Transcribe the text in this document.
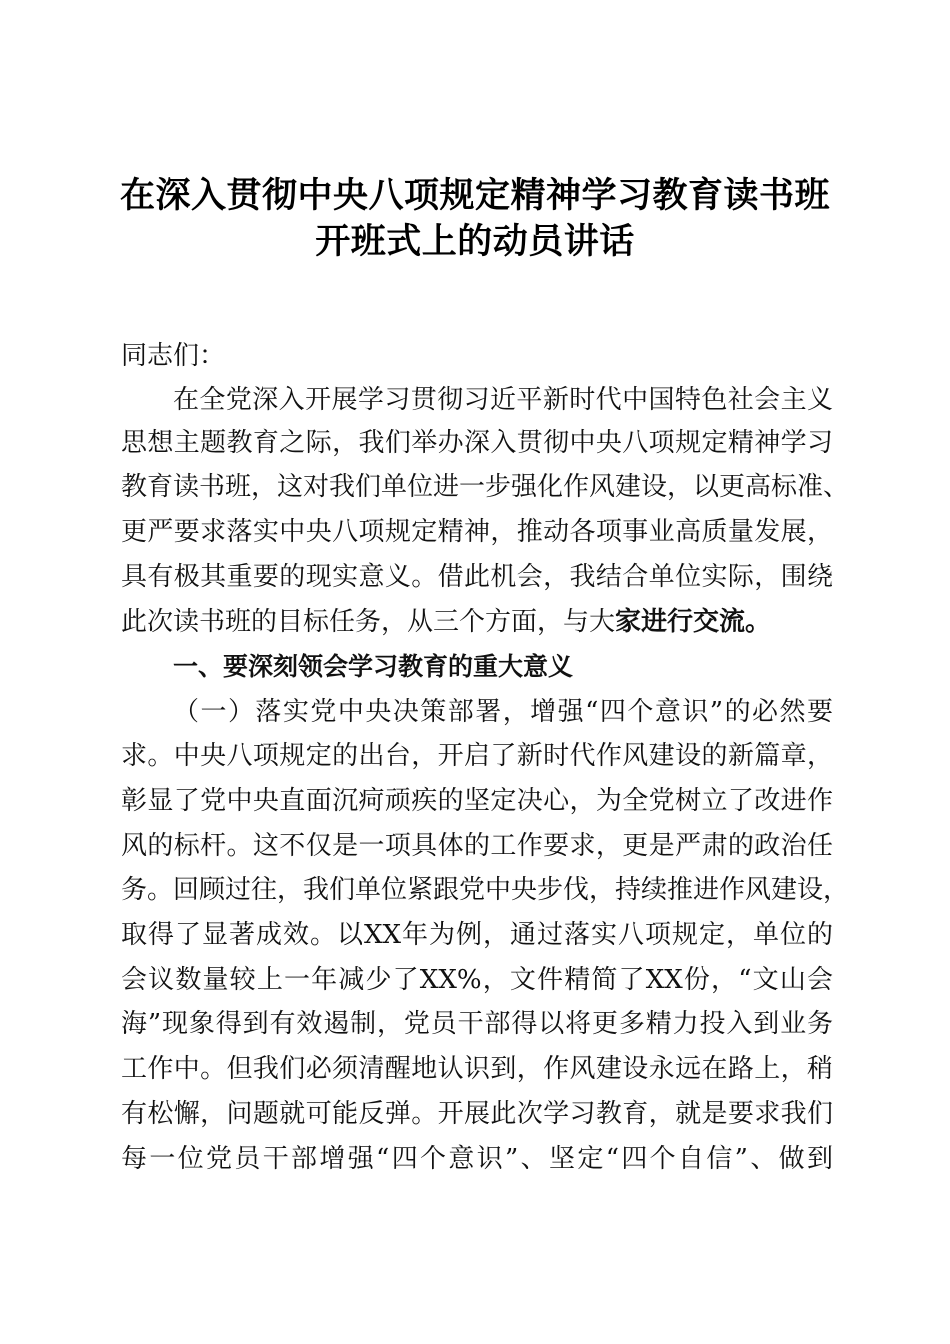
在深入贯彻中央八项规定精神学习教育读书班
开班式上的动员讲话
同志们：
在全党深入开展学习贯彻习近平新时代中国特色社会主义
思想主题教育之际，我们举办深入贯彻中央八项规定精神学习
教育读书班，这对我们单位进一步强化作风建设，以更高标准、
更严要求落实中央八项规定精神，推动各项事业高质量发展，
具有极其重要的现实意义。借此机会，我结合单位实际，围绕
此次读书班的目标任务，从三个方面，与大家进行交流。
一、要深刻领会学习教育的重大意义
（一）落实党中央决策部署，增强“四个意识”的必然要
求。中央八项规定的出台，开启了新时代作风建设的新篇章，
彰显了党中央直面沉疴顽疾的坚定决心，为全党树立了改进作
风的标杆。这不仅是一项具体的工作要求，更是严肃的政治任
务。回顾过往，我们单位紧跟党中央步伐，持续推进作风建设，
取得了显著成效。以XX年为例，通过落实八项规定，单位的
会议数量较上一年减少了XX%，文件精简了XX份，“文山会
海”现象得到有效遏制，党员干部得以将更多精力投入到业务
工作中。但我们必须清醒地认识到，作风建设永远在路上，稍
有松懈，问题就可能反弹。开展此次学习教育，就是要求我们
每一位党员干部增强“四个意识”、坚定“四个自信”、做到
